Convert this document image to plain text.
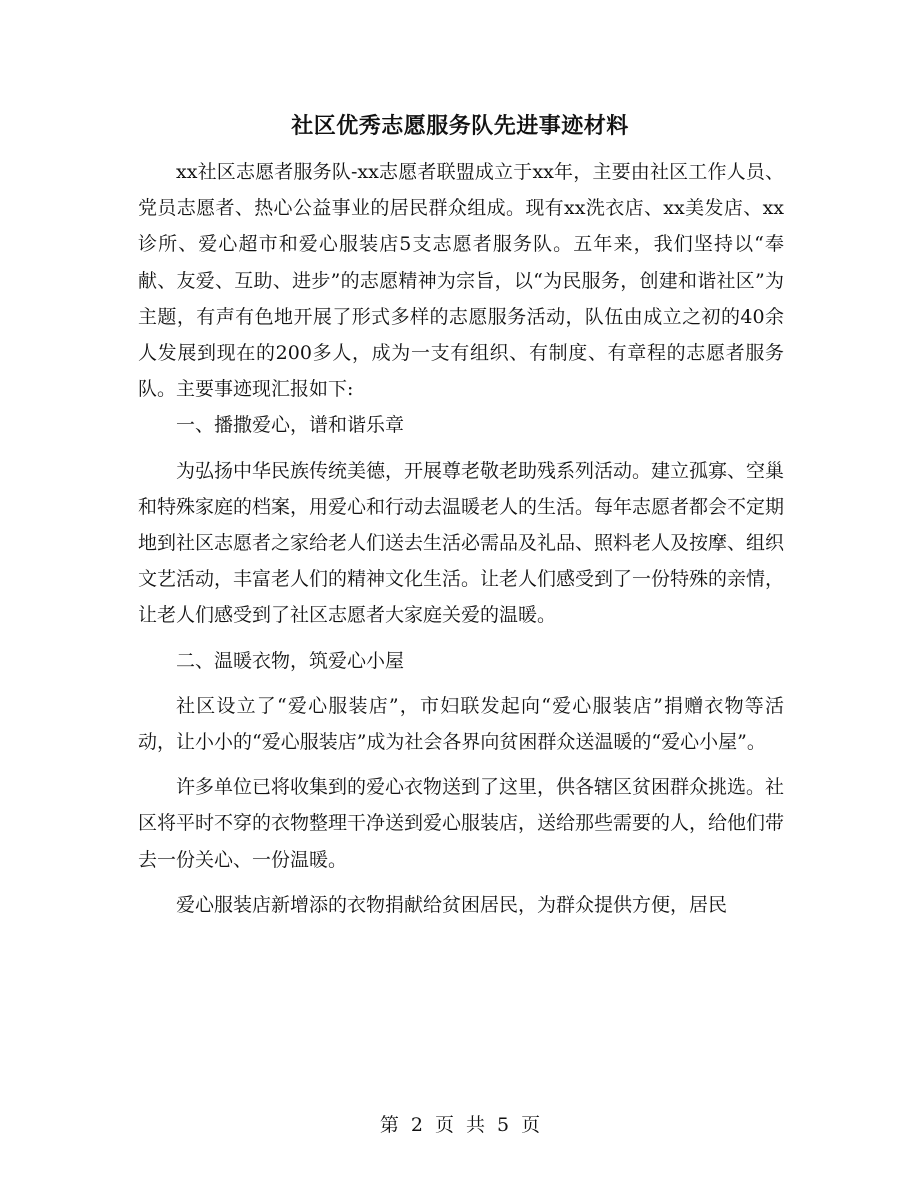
社区优秀志愿服务队先进事迹材料

xx社区志愿者服务队-xx志愿者联盟成立于xx年，主要由社区工作人员、党员志愿者、热心公益事业的居民群众组成。现有xx洗衣店、xx美发店、xx诊所、爱心超市和爱心服装店5支志愿者服务队。五年来，我们坚持以“奉献、友爱、互助、进步”的志愿精神为宗旨，以“为民服务，创建和谐社区”为主题，有声有色地开展了形式多样的志愿服务活动，队伍由成立之初的40余人发展到现在的200多人，成为一支有组织、有制度、有章程的志愿者服务队。主要事迹现汇报如下:

一、播撒爱心，谱和谐乐章

为弘扬中华民族传统美德，开展尊老敬老助残系列活动。建立孤寡、空巢和特殊家庭的档案，用爱心和行动去温暖老人的生活。每年志愿者都会不定期地到社区志愿者之家给老人们送去生活必需品及礼品、照料老人及按摩、组织文艺活动，丰富老人们的精神文化生活。让老人们感受到了一份特殊的亲情，让老人们感受到了社区志愿者大家庭关爱的温暖。

二、温暖衣物，筑爱心小屋

社区设立了“爱心服装店”，市妇联发起向“爱心服装店”捐赠衣物等活动，让小小的“爱心服装店”成为社会各界向贫困群众送温暖的“爱心小屋”。

许多单位已将收集到的爱心衣物送到了这里，供各辖区贫困群众挑选。社区将平时不穿的衣物整理干净送到爱心服装店，送给那些需要的人，给他们带去一份关心、一份温暖。

爱心服装店新增添的衣物捐献给贫困居民，为群众提供方便，居民

第 2 页 共 5 页
